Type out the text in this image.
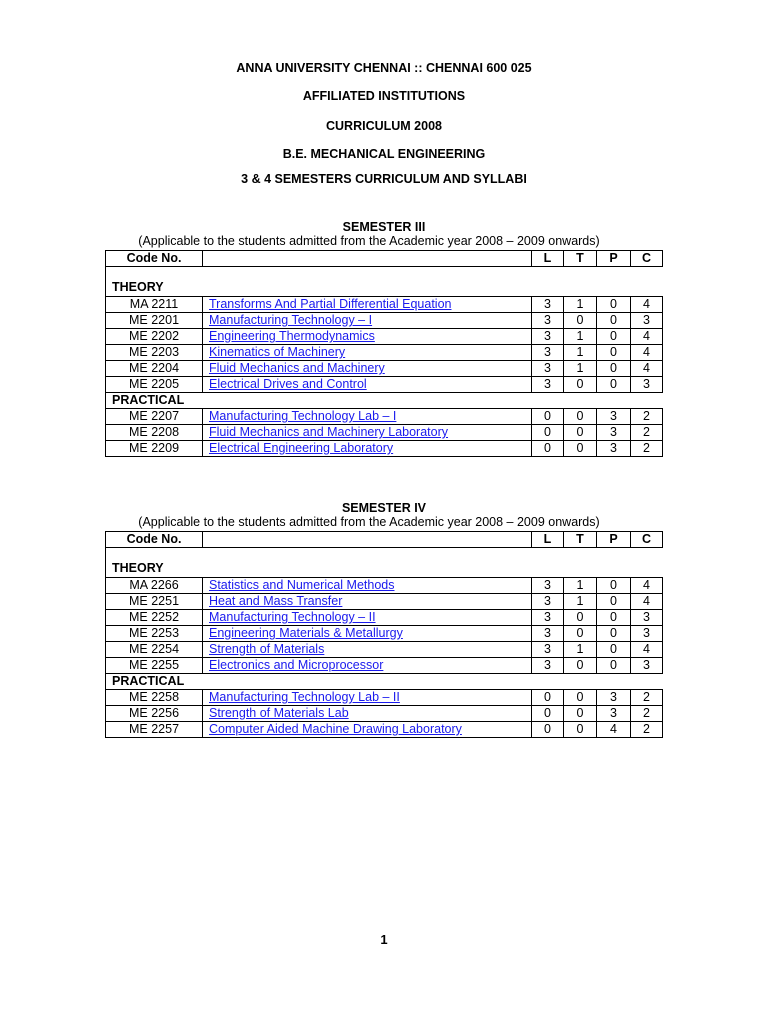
ANNA UNIVERSITY CHENNAI :: CHENNAI 600 025
AFFILIATED INSTITUTIONS
CURRICULUM 2008
B.E. MECHANICAL ENGINEERING
3 & 4 SEMESTERS CURRICULUM AND SYLLABI
SEMESTER III
(Applicable to the students admitted from the Academic year 2008 – 2009 onwards)
Code No.		L	T	P	C
THEORY					
MA 2211	Transforms And Partial Differential Equation	3	1	0	4
ME 2201	Manufacturing Technology – I	3	0	0	3
ME 2202	Engineering Thermodynamics	3	1	0	4
ME 2203	Kinematics of Machinery	3	1	0	4
ME 2204	Fluid Mechanics and Machinery	3	1	0	4
ME 2205	Electrical Drives and Control	3	0	0	3
PRACTICAL					
ME 2207	Manufacturing Technology Lab – I	0	0	3	2
ME 2208	Fluid Mechanics and Machinery Laboratory	0	0	3	2
ME 2209	Electrical Engineering Laboratory	0	0	3	2
SEMESTER IV
(Applicable to the students admitted from the Academic year 2008 – 2009 onwards)
Code No.		L	T	P	C
THEORY					
MA 2266	Statistics and Numerical Methods	3	1	0	4
ME 2251	Heat and Mass Transfer	3	1	0	4
ME 2252	Manufacturing Technology – II	3	0	0	3
ME 2253	Engineering Materials & Metallurgy	3	0	0	3
ME 2254	Strength of Materials	3	1	0	4
ME 2255	Electronics and Microprocessor	3	0	0	3
PRACTICAL					
ME 2258	Manufacturing Technology Lab – II	0	0	3	2
ME 2256	Strength of Materials Lab	0	0	3	2
ME 2257	Computer Aided Machine Drawing Laboratory	0	0	4	2
1
